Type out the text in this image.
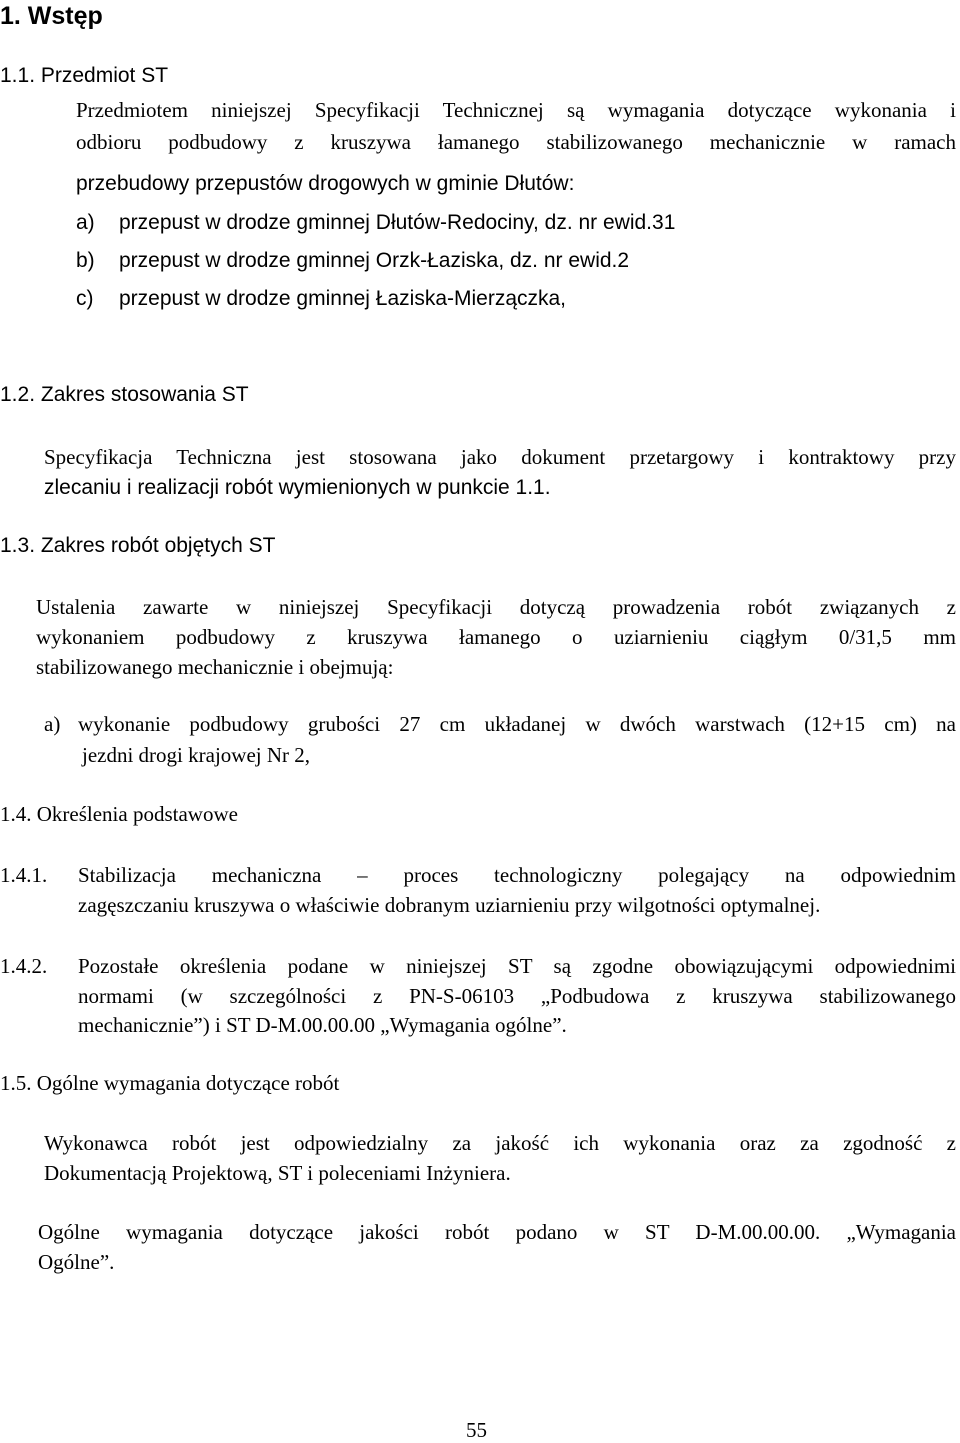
1. Wstęp
1.1. Przedmiot ST
Przedmiotem niniejszej Specyfikacji Technicznej są wymagania dotyczące wykonania i
odbioru podbudowy z kruszywa łamanego stabilizowanego mechanicznie w ramach
przebudowy przepustów drogowych w gminie Dłutów:
a) przepust w drodze gminnej Dłutów-Redociny, dz. nr ewid.31
b) przepust w drodze gminnej Orzk-Łaziska, dz. nr ewid.2
c) przepust w drodze gminnej Łaziska-Mierzączka,
1.2. Zakres stosowania ST
Specyfikacja Techniczna jest stosowana jako dokument przetargowy i kontraktowy przy
zlecaniu i realizacji robót wymienionych w punkcie 1.1.
1.3. Zakres robót objętych ST
Ustalenia zawarte w niniejszej Specyfikacji dotyczą prowadzenia robót związanych z
wykonaniem podbudowy z kruszywa łamanego o uziarnieniu ciągłym 0/31,5 mm
stabilizowanego mechanicznie i obejmują:
a) wykonanie podbudowy grubości 27 cm układanej w dwóch warstwach (12+15 cm) na
jezdni drogi krajowej Nr 2,
1.4. Określenia podstawowe
1.4.1. Stabilizacja mechaniczna – proces technologiczny polegający na odpowiednim
zagęszczaniu kruszywa o właściwie dobranym uziarnieniu przy wilgotności optymalnej.
1.4.2. Pozostałe określenia podane w niniejszej ST są zgodne obowiązującymi odpowiednimi
normami (w szczególności z PN-S-06103 „Podbudowa z kruszywa stabilizowanego
mechanicznie”) i ST D-M.00.00.00 „Wymagania ogólne”.
1.5. Ogólne wymagania dotyczące robót
Wykonawca robót jest odpowiedzialny za jakość ich wykonania oraz za zgodność z
Dokumentacją Projektową, ST i poleceniami Inżyniera.
Ogólne wymagania dotyczące jakości robót podano w ST D-M.00.00.00. „Wymagania
Ogólne”.
55
